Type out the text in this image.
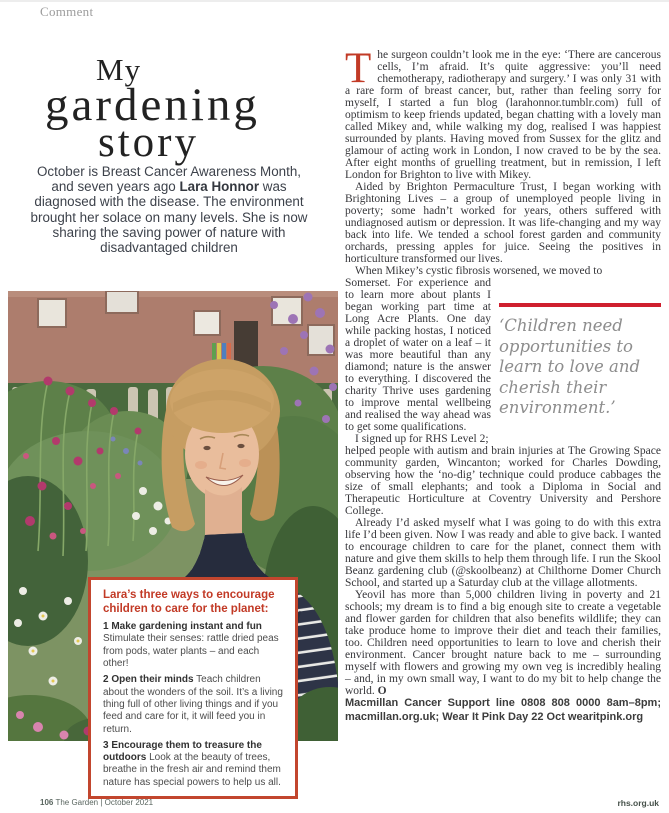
Comment
My
gardening
story
October is Breast Cancer Awareness Month, and seven years ago Lara Honnor was diagnosed with the disease. The environment brought her solace on many levels. She is now sharing the saving power of nature with disadvantaged children
Lara’s three ways to encourage children to care for the planet:
1 Make gardening instant and fun Stimulate their senses: rattle dried peas from pods, water plants – and each other!
2 Open their minds Teach children about the wonders of the soil. It’s a living thing full of other living things and if you feed and care for it, it will feed you in return.
3 Encourage them to treasure the outdoors Look at the beauty of trees, breathe in the fresh air and remind them nature has special powers to help us all.

The surgeon couldn’t look me in the eye: ‘There are cancerous cells, I’m afraid. It’s quite aggressive: you’ll need chemotherapy, radiotherapy and surgery.’ I was only 31 with a rare form of breast cancer, but, rather than feeling sorry for myself, I started a fun blog (larahonnor.tumblr.com) full of optimism to keep friends updated, began chatting with a lovely man called Mikey and, while walking my dog, realised I was happiest surrounded by plants. Having moved from Sussex for the glitz and glamour of acting work in London, I now craved to be by the sea. After eight months of gruelling treatment, but in remission, I left London for Brighton to live with Mikey.

Aided by Brighton Permaculture Trust, I began working with Brightoning Lives – a group of unemployed people living in poverty; some hadn’t worked for years, others suffered with undiagnosed autism or depression. It was life-changing and my way back into life. We tended a school forest garden and community orchards, pressing apples for juice. Seeing the positives in horticulture transformed our lives.

When Mikey’s cystic fibrosis worsened, we moved to

Somerset. For experience and to learn more about plants I began working part time at Long Acre Plants. One day while packing hostas, I noticed a droplet of water on a leaf – it was more beautiful than any diamond; nature is the answer to everything. I discovered the charity Thrive uses gardening to improve mental wellbeing and realised the way ahead was to get some qualifications.
I signed up for RHS Level 2;
‘Children need opportunities to learn to love and cherish their environment.’

helped people with autism and brain injuries at The Growing Space community garden, Wincanton; worked for Charles Dowding, observing how the ‘no-dig’ technique could produce cabbages the size of small elephants; and took a Diploma in Social and Therapeutic Horticulture at Coventry University and Pershore College.

Already I’d asked myself what I was going to do with this extra life I’d been given. Now I was ready and able to give back. I wanted to encourage children to care for the planet, connect them with nature and give them skills to help them through life. I run the Skool Beanz gardening club (@skoolbeanz) at Chilthorne Domer Church School, and started up a Saturday club at the village allotments.

Yeovil has more than 5,000 children living in poverty and 21 schools; my dream is to find a big enough site to create a vegetable and flower garden for children that also benefits wildlife; they can take produce home to improve their diet and teach their families, too. Children need opportunities to learn to love and cherish their environment. Cancer brought nature back to me – surrounding myself with flowers and growing my own veg is incredibly healing – and, in my own small way, I want to do my bit to help change the world. O

Macmillan Cancer Support line 0808 808 0000 8am–8pm; macmillan.org.uk; Wear It Pink Day 22 Oct wearitpink.org

106 The Garden | October 2021	rhs.org.uk
